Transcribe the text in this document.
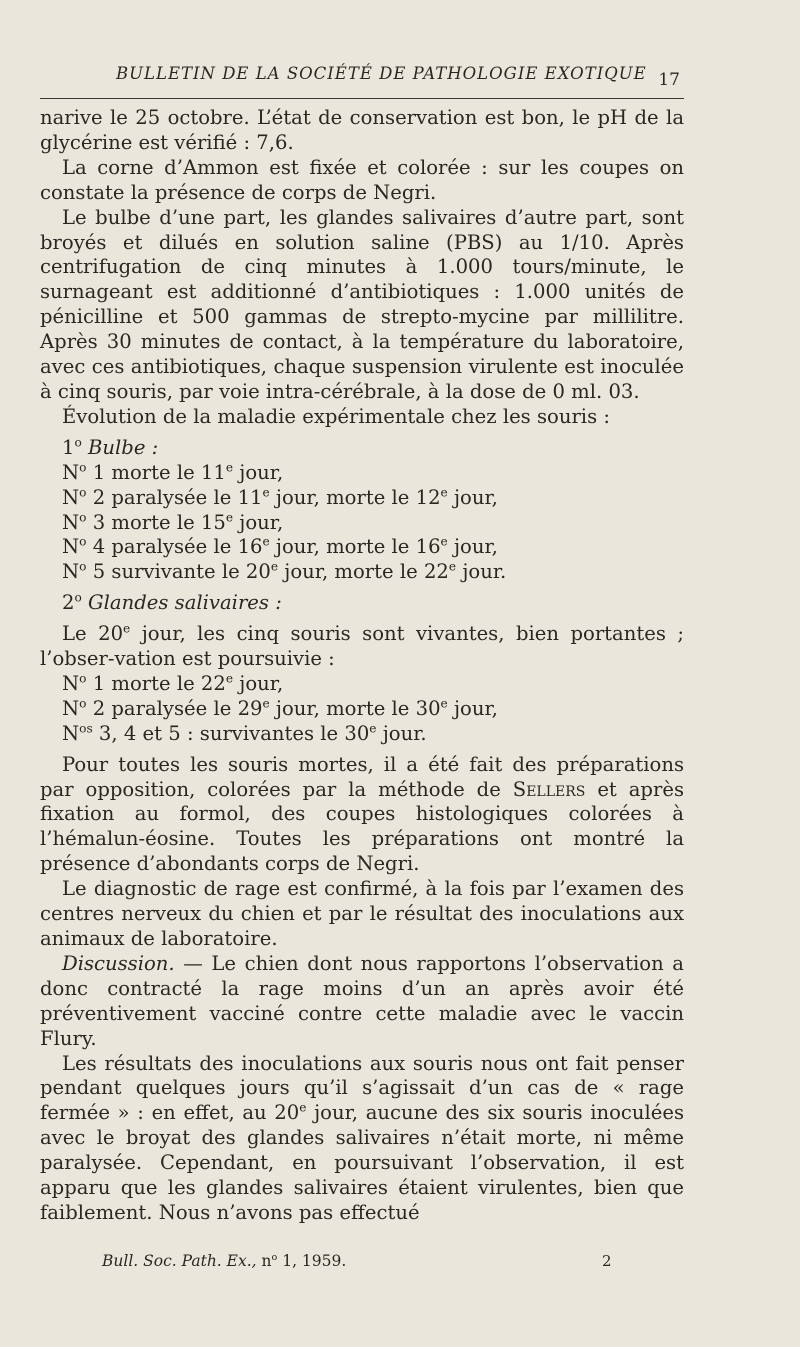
BULLETIN DE LA SOCIÉTÉ DE PATHOLOGIE EXOTIQUE 17

narive le 25 octobre. L’état de conservation est bon, le pH de la glycérine est vérifié : 7,6.

La corne d’Ammon est fixée et colorée : sur les coupes on constate la présence de corps de Negri.

Le bulbe d’une part, les glandes salivaires d’autre part, sont broyés et dilués en solution saline (PBS) au 1/10. Après centrifugation de cinq minutes à 1.000 tours/minute, le surnageant est additionné d’antibiotiques : 1.000 unités de pénicilline et 500 gammas de strepto-mycine par millilitre. Après 30 minutes de contact, à la température du laboratoire, avec ces antibiotiques, chaque suspension virulente est inoculée à cinq souris, par voie intra-cérébrale, à la dose de 0 ml. 03.

Évolution de la maladie expérimentale chez les souris :

1$^o$ Bulbe :

$N^o$ 1 morte le 11e jour,

$N^o$ 2 paralysée le 11e jour, morte le 12e jour,

$N^o$ 3 morte le 15e jour,

$N^o$ 4 paralysée le 16e jour, morte le 16e jour,

$N^o$ 5 survivante le 20e jour, morte le 22e jour.

2$^o$ Glandes salivaires :

Le 20e jour, les cinq souris sont vivantes, bien portantes ; l’obser-vation est poursuivie :

$N^o$ 1 morte le 22e jour,

$N^o$ 2 paralysée le 29e jour, morte le 30e jour,

$N^{os}$ 3, 4 et 5 : survivantes le 30e jour.

Pour toutes les souris mortes, il a été fait des préparations par opposition, colorées par la méthode de Sellers et après fixation au formol, des coupes histologiques colorées à l’hémalun-éosine. Toutes les préparations ont montré la présence d’abondants corps de Negri.

Le diagnostic de rage est confirmé, à la fois par l’examen des centres nerveux du chien et par le résultat des inoculations aux animaux de laboratoire.

Discussion. — Le chien dont nous rapportons l’observation a donc contracté la rage moins d’un an après avoir été préventivement vacciné contre cette maladie avec le vaccin Flury.

Les résultats des inoculations aux souris nous ont fait penser pendant quelques jours qu’il s’agissait d’un cas de « rage fermée » : en effet, au 20e jour, aucune des six souris inoculées avec le broyat des glandes salivaires n’était morte, ni même paralysée. Cependant, en poursuivant l’observation, il est apparu que les glandes salivaires étaient virulentes, bien que faiblement. Nous n’avons pas effectué

Bull. Soc. Path. Ex., $n^o$ 1, 1959.	2
